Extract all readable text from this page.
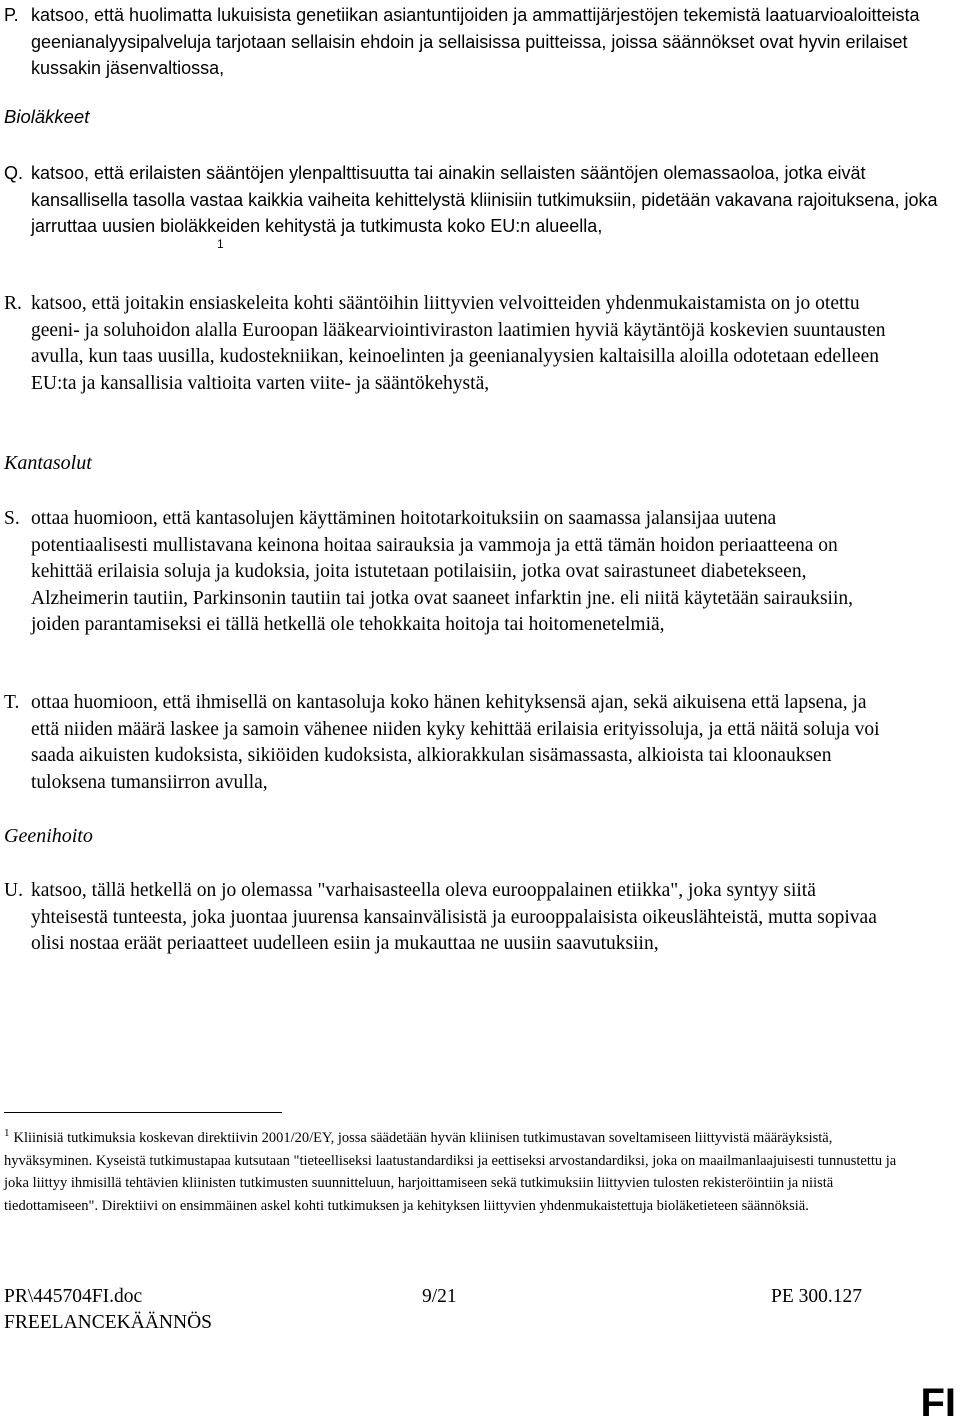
P. katsoo, että huolimatta lukuisista genetiikan asiantuntijoiden ja ammattijärjestöjen tekemistä laatuarvioaloitteista geenianalyysipalveluja tarjotaan sellaisin ehdoin ja sellaisissa puitteissa, joissa säännökset ovat hyvin erilaiset kussakin jäsenvaltiossa,
Bioläkkeet
Q. katsoo, että erilaisten sääntöjen ylenpalttisuutta tai ainakin sellaisten sääntöjen olemassaoloa, jotka eivät kansallisella tasolla vastaa kaikkia vaiheita kehittelystä kliinisiin tutkimuksiin, pidetään vakavana rajoituksena, joka jarruttaa uusien bioläkkeiden kehitystä ja tutkimusta koko EU:n alueella,
1
R. katsoo, että joitakin ensiaskeleita kohti sääntöihin liittyvien velvoitteiden yhdenmukaistamista on jo otettu geeni- ja soluhoidon alalla Euroopan lääkearviointiviraston laatimien hyviä käytäntöjä koskevien suuntausten avulla, kun taas uusilla, kudostekniikan, keinoelinten ja geenianalyysien kaltaisilla aloilla odotetaan edelleen EU:ta ja kansallisia valtioita varten viite- ja sääntökehystä,
Kantasolut
S. ottaa huomioon, että kantasolujen käyttäminen hoitotarkoituksiin on saamassa jalansijaa uutena potentiaalisesti mullistavana keinona hoitaa sairauksia ja vammoja ja että tämän hoidon periaatteena on kehittää erilaisia soluja ja kudoksia, joita istutetaan potilaisiin, jotka ovat sairastuneet diabetekseen, Alzheimerin tautiin, Parkinsonin tautiin tai jotka ovat saaneet infarktin jne. eli niitä käytetään sairauksiin, joiden parantamiseksi ei tällä hetkellä ole tehokkaita hoitoja tai hoitomenetelmiä,
T. ottaa huomioon, että ihmisellä on kantasoluja koko hänen kehityksensä ajan, sekä aikuisena että lapsena, ja että niiden määrä laskee ja samoin vähenee niiden kyky kehittää erilaisia erityissoluja, ja että näitä soluja voi saada aikuisten kudoksista, sikiöiden kudoksista, alkiorakkulan sisämassasta, alkioista tai kloonauksen tuloksena tumansiirron avulla,
Geenihoito
U. katsoo, tällä hetkellä on jo olemassa "varhaisasteella oleva eurooppalainen etiikka", joka syntyy siitä yhteisestä tunteesta, joka juontaa juurensa kansainvälisistä ja eurooppalaisista oikeuslähteistä, mutta sopivaa olisi nostaa eräät periaatteet uudelleen esiin ja mukauttaa ne uusiin saavutuksiin,
$^1$ Kliinisiä tutkimuksia koskevan direktiivin 2001/20/EY, jossa säädetään hyvän kliinisen tutkimustavan soveltamiseen liittyvistä määräyksistä, hyväksyminen. Kyseistä tutkimustapaa kutsutaan "tieteelliseksi laatustandardiksi ja eettiseksi arvostandardiksi, joka on maailmanlaajuisesti tunnustettu ja joka liittyy ihmisillä tehtävien kliinisten tutkimusten suunnitteluun, harjoittamiseen sekä tutkimuksiin liittyvien tulosten rekisteröintiin ja niistä tiedottamiseen". Direktiivi on ensimmäinen askel kohti tutkimuksen ja kehityksen liittyvien yhdenmukaistettuja bioläketieteen säännöksiä.
PR\445704FI.doc	9/21	PE 300.127
FREELANCEKÄÄNNÖS
FI
